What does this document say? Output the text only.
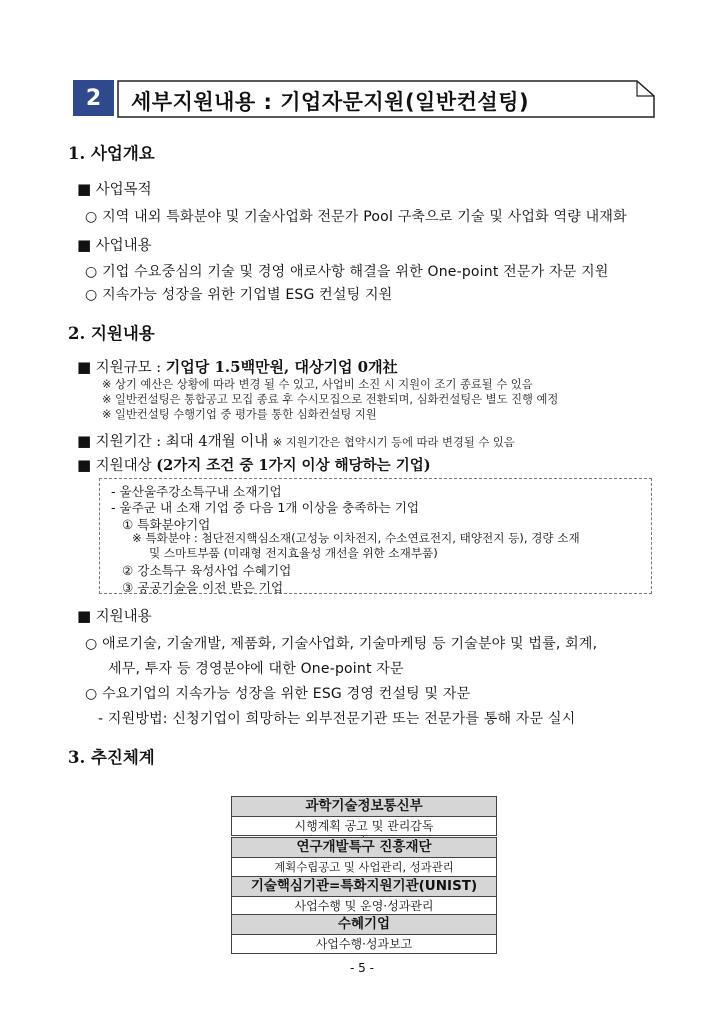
2	세부지원내용 : 기업자문지원(일반컨설팅)
1. 사업개요
■ 사업목적
○ 지역 내외 특화분야 및 기술사업화 전문가 Pool 구축으로 기술 및 사업화 역량 내재화
■ 사업내용
○ 기업 수요중심의 기술 및 경영 애로사항 해결을 위한 One-point 전문가 자문 지원
○ 지속가능 성장을 위한 기업별 ESG 컨설팅 지원
2. 지원내용
■ 지원규모 : 기업당 1.5백만원, 대상기업 0개社
※ 상기 예산은 상황에 따라 변경 될 수 있고, 사업비 소진 시 지원이 조기 종료될 수 있음
※ 일반컨설팅은 통합공고 모집 종료 후 수시모집으로 전환되며, 심화컨설팅은 별도 진행 예정
※ 일반컨설팅 수행기업 중 평가를 통한 심화컨설팅 지원
■ 지원기간 : 최대 4개월 이내 ※ 지원기간은 협약시기 등에 따라 변경될 수 있음
■ 지원대상 (2가지 조건 중 1가지 이상 해당하는 기업)
- 울산울주강소특구내 소재기업
- 울주군 내 소재 기업 중 다음 1개 이상을 충족하는 기업
① 특화분야기업
※ 특화분야 : 첨단전지핵심소재(고성능 이차전지, 수소연료전지, 태양전지 등), 경량 소재
및 스마트부품 (미래형 전지효율성 개선을 위한 소재부품)
② 강소특구 육성사업 수혜기업
③ 공공기술을 이전 받은 기업
■ 지원내용
○ 애로기술, 기술개발, 제품화, 기술사업화, 기술마케팅 등 기술분야 및 법률, 회계,
세무, 투자 등 경영분야에 대한 One-point 자문
○ 수요기업의 지속가능 성장을 위한 ESG 경영 컨설팅 및 자문
- 지원방법: 신청기업이 희망하는 외부전문기관 또는 전문가를 통해 자문 실시
3. 추진체계
과학기술정보통신부
시행계획 공고 및 관리감독
연구개발특구 진흥재단
계획수립공고 및 사업관리, 성과관리
기술핵심기관=특화지원기관(UNIST)
사업수행 및 운영·성과관리
수혜기업
사업수행·성과보고
- 5 -
